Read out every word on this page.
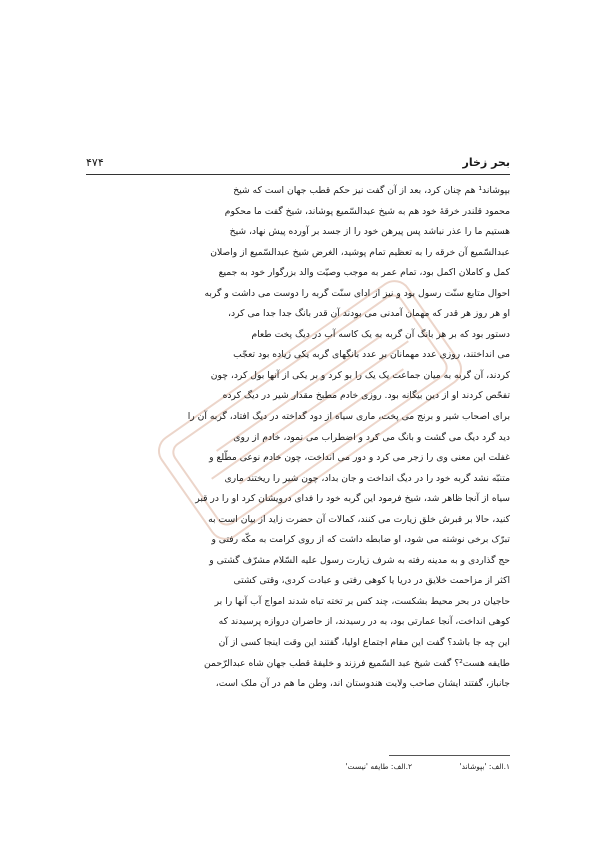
بحر زخار
۴۷۴
بپوشاند¹ هم چنان کرد، بعد از آن گفت نیز حکم قطب جهان است که شیخ
محمود قلندر خرقهٔ خود هم به شیخ عبدالسّمیع پوشاند، شیخ گفت ما محکوم
هستیم ما را عذر نباشد پس پیرهن خود را از جسد بر آورده پیش نهاد، شیخ
عبدالسّمیع آن خرقه را به تعظیم تمام پوشید، الغرض شیخ عبدالسّمیع از واصلان
کمل و کاملان اکمل بود، تمام عمر به موجب وصیّت والد بزرگوار خود به جمیع
احوال متابع سنّت رسول بود و نیز از ادای سنّت گربه را دوست می داشت و گربه
او هر روز هر قدر که مهمان آمدنی می بودند آن قدر بانگ جدا جدا می کرد،
دستور بود که بر هر بانگ آن گربه به یک کاسه آب در دیگ پخت طعام
می انداختند، روزی عدد مهمانان بر عدد بانگهای گربه یکی زیاده بود تعجّب
کردند، آن گربه به میان جماعت یک یک را بو کرد و بر یکی از آنها بول کرد، چون
تفحّص کردند او از دین بیگانه بود. روزی خادم مطبخ مقدار شیر در دیگ کرده
برای اصحاب شیر و برنج می پخت، ماری سیاه از دود گداخته در دیگ افتاد، گربه آن را
دید گرد دیگ می گشت و بانگ می کرد و اضطراب می نمود، خادم از روی
غفلت این معنی وی را زجر می کرد و دور می انداخت، چون خادم نوعی مطّلع و
متنبّه نشد گربه خود را در دیگ انداخت و جان بداد، چون شیر را ریختند ماری
سیاه از آنجا ظاهر شد، شیخ فرمود این گربه خود را فدای درویشان کرد او را در قبر
کنید، حالا بر قبرش خلق زیارت می کنند، کمالات آن حضرت زاید از بیان است به
تبرّک برخی نوشته می شود، او ضابطه داشت که از روی کرامت به مکّه رفتی و
حج گذاردی و به مدینه رفته به شرف زیارت رسول علیه السّلام مشرّف گشتی و
اکثر از مزاحمت خلایق در دریا یا کوهی رفتی و عبادت کردی، وقتی کشتی
حاجیان در بحر محیط بشکست، چند کس بر تخته تباه شدند امواج آب آنها را بر
کوهی انداخت، آنجا عمارتی بود، به در رسیدند، از حاضران دروازه پرسیدند که
این چه جا باشد؟ گفت این مقام اجتماع اولیا، گفتند این وقت اینجا کسی از آن
طایفه هست²؟ گفت شیخ عبد السّمیع فرزند و خلیفهٔ قطب جهان شاه عبدالرّحمن
جانباز، گفتند ایشان صاحب ولایت هندوستان اند، وطن ما هم در آن ملک است،
۱.الف: 'بپوشاند'
۲.الف: طایفه 'نیست'
